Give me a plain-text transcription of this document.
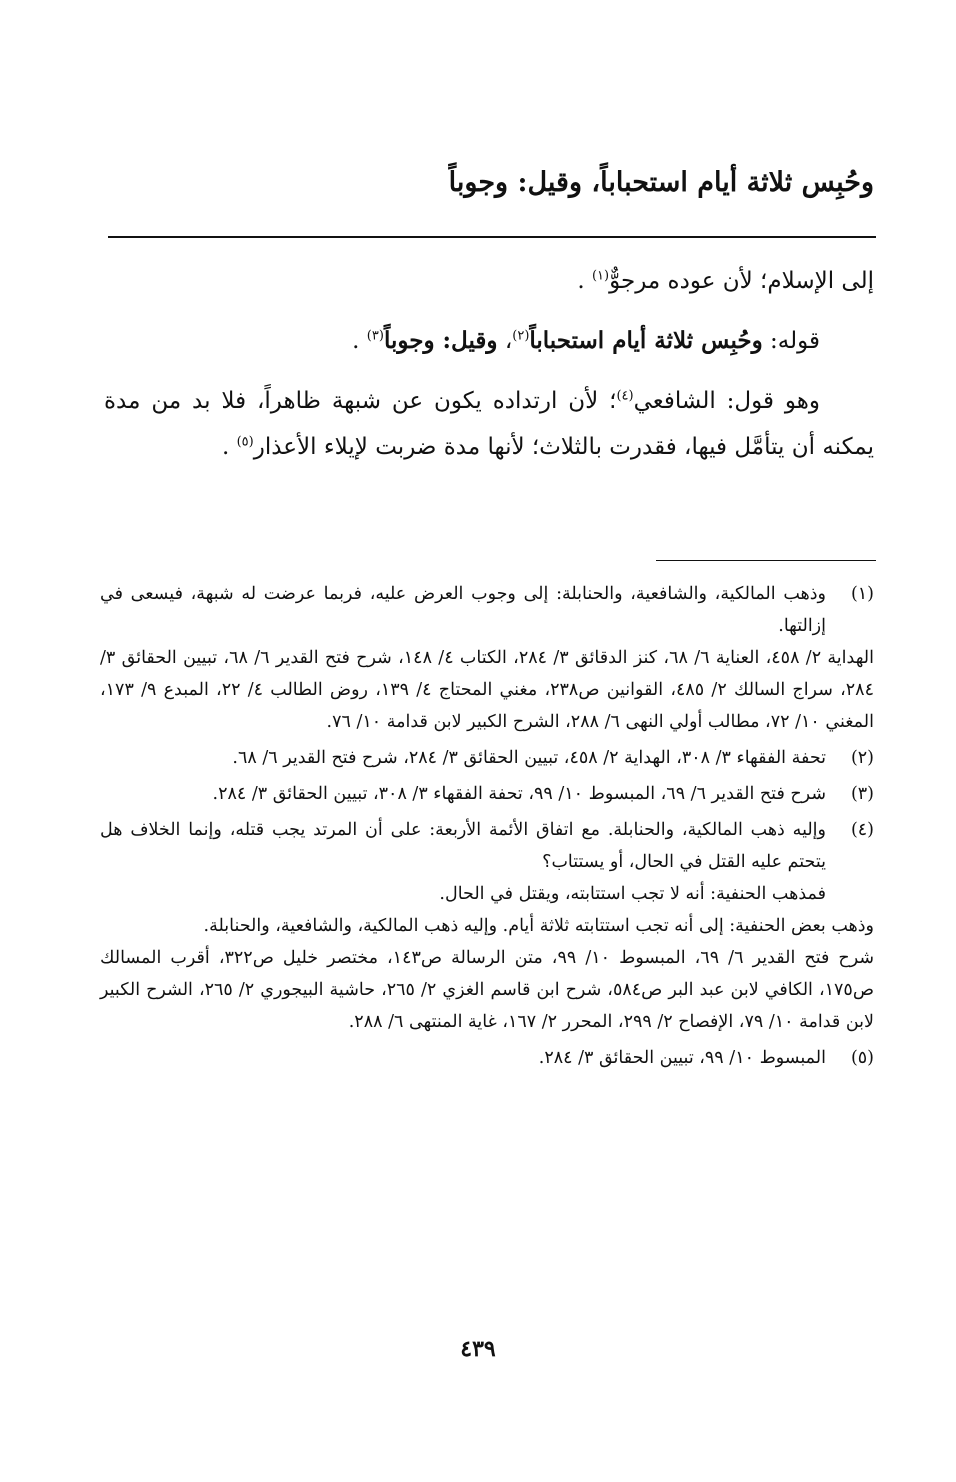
وحُبِس ثلاثة أيام استحباباً، وقيل: وجوباً

إلى الإسلام؛ لأن عوده مرجوٌّ$^{(١)}$ .

قوله: وحُبِس ثلاثة أيام استحباباً$^{(٢)}$، وقيل: وجوباً$^{(٣)}$ .

وهو قول: الشافعي$^{(٤)}$؛ لأن ارتداده يكون عن شبهة ظاهراً، فلا بد من مدة يمكنه أن يتأمَّل فيها، فقدرت بالثلاث؛ لأنها مدة ضربت لإيلاء الأعذار$^{(٥)}$ .

(١)

وذهب المالكية، والشافعية، والحنابلة: إلى وجوب العرض عليه، فربما عرضت له شبهة، فيسعى في إزالتها.

الهداية ٢/ ٤٥٨، العناية ٦/ ٦٨، كنز الدقائق ٣/ ٢٨٤، الكتاب ٤/ ١٤٨، شرح فتح القدير ٦/ ٦٨، تبيين الحقائق ٣/ ٢٨٤، سراج السالك ٢/ ٤٨٥، القوانين ص٢٣٨، مغني المحتاج ٤/ ١٣٩، روض الطالب ٤/ ٢٢، المبدع ٩/ ١٧٣، المغني ١٠/ ٧٢، مطالب أولي النهى ٦/ ٢٨٨، الشرح الكبير لابن قدامة ١٠/ ٧٦.

(٢)
تحفة الفقهاء ٣/ ٣٠٨، الهداية ٢/ ٤٥٨، تبيين الحقائق ٣/ ٢٨٤، شرح فتح القدير ٦/ ٦٨.
(٣)
شرح فتح القدير ٦/ ٦٩، المبسوط ١٠/ ٩٩، تحفة الفقهاء ٣/ ٣٠٨، تبيين الحقائق ٣/ ٢٨٤.
(٤)

وإليه ذهب المالكية، والحنابلة. مع اتفاق الأئمة الأربعة: على أن المرتد يجب قتله، وإنما الخلاف هل يتحتم عليه القتل في الحال، أو يستتاب؟

فمذهب الحنفية: أنه لا تجب استتابته، ويقتل في الحال.

وذهب بعض الحنفية: إلى أنه تجب استتابته ثلاثة أيام. وإليه ذهب المالكية، والشافعية، والحنابلة.

شرح فتح القدير ٦/ ٦٩، المبسوط ١٠/ ٩٩، متن الرسالة ص١٤٣، مختصر خليل ص٣٢٢، أقرب المسالك ص١٧٥، الكافي لابن عبد البر ص٥٨٤، شرح ابن قاسم الغزي ٢/ ٢٦٥، حاشية البيجوري ٢/ ٢٦٥، الشرح الكبير لابن قدامة ١٠/ ٧٩، الإفصاح ٢/ ٢٩٩، المحرر ٢/ ١٦٧، غاية المنتهى ٦/ ٢٨٨.

(٥)
المبسوط ١٠/ ٩٩، تبيين الحقائق ٣/ ٢٨٤.
٤٣٩
